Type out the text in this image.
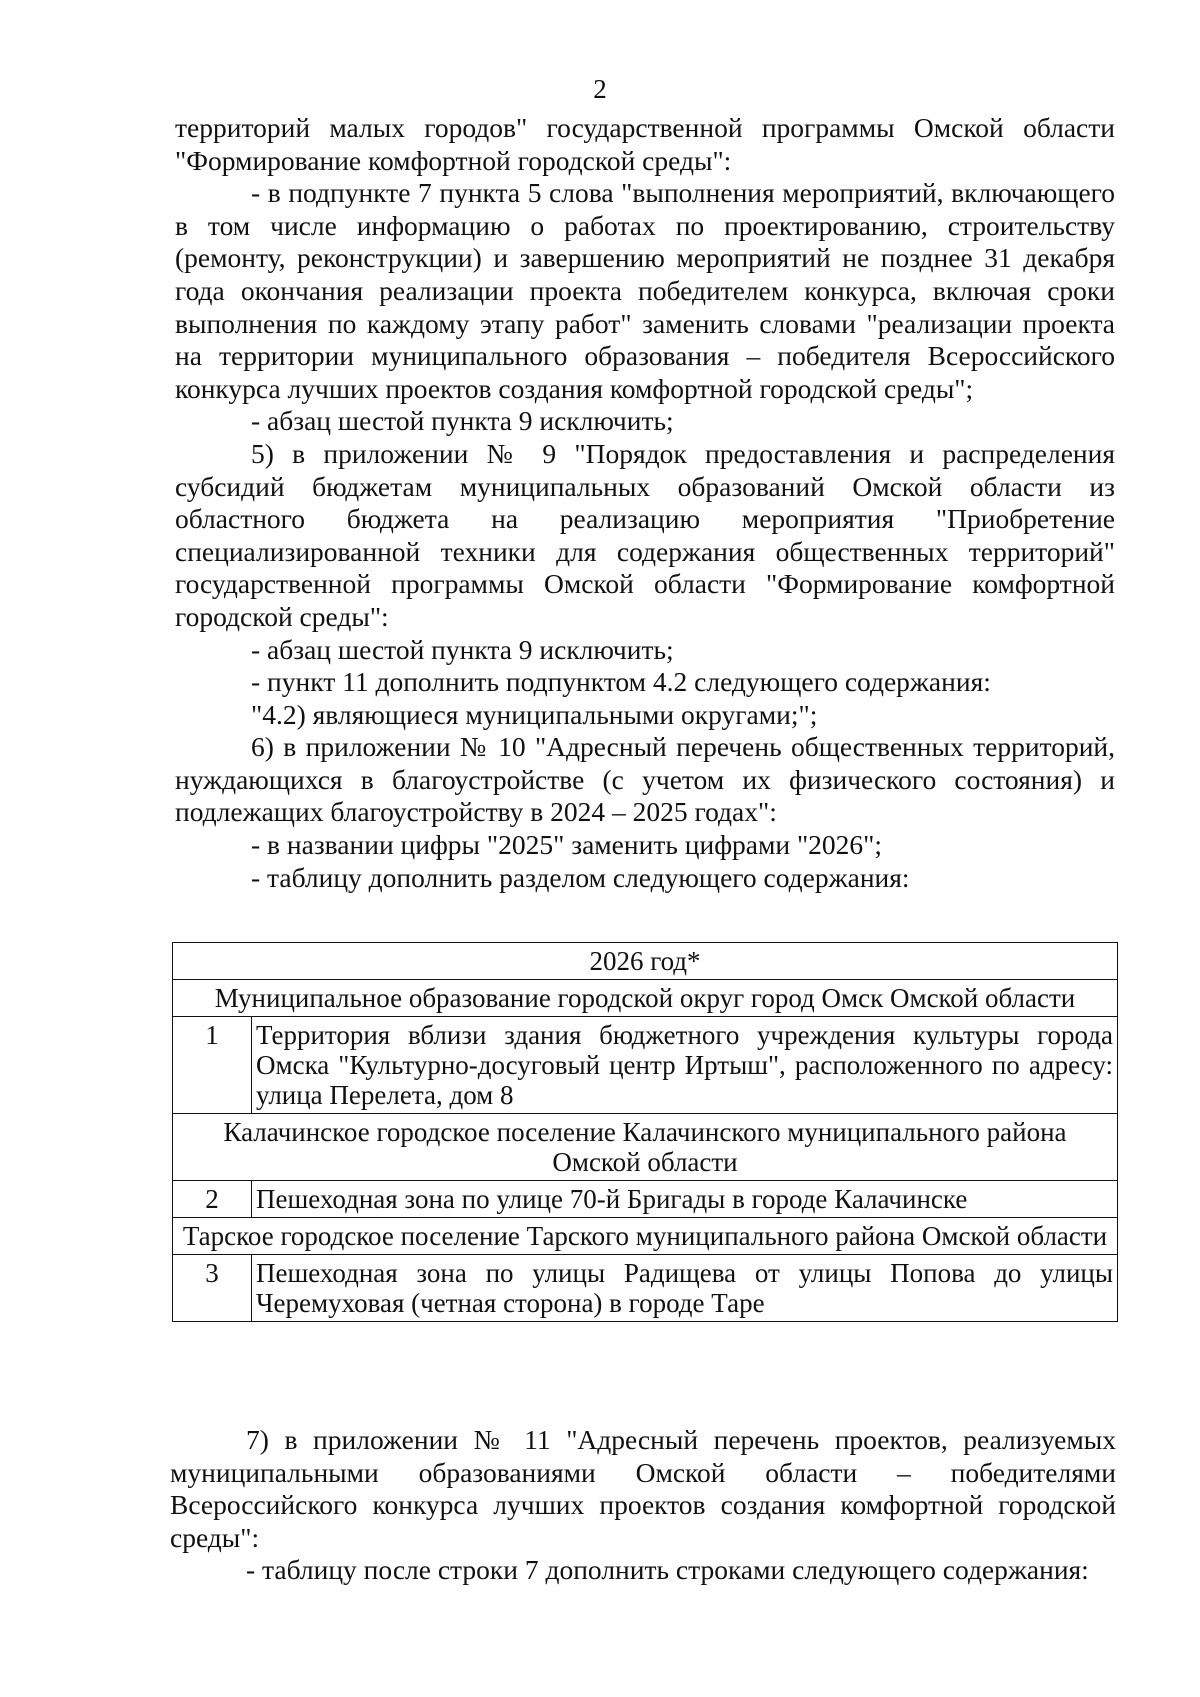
2

территорий малых городов" государственной программы Омской области "Формирование комфортной городской среды":

- в подпункте 7 пункта 5 слова "выполнения мероприятий, включающего в том числе информацию о работах по проектированию, строительству (ремонту, реконструкции) и завершению мероприятий не позднее 31 декабря года окончания реализации проекта победителем конкурса, включая сроки выполнения по каждому этапу работ" заменить словами "реализации проекта на территории муниципального образования – победителя Всероссийского конкурса лучших проектов создания комфортной городской среды";

- абзац шестой пункта 9 исключить;

5) в приложении № 9 "Порядок предоставления и распределения субсидий бюджетам муниципальных образований Омской области из областного бюджета на реализацию мероприятия "Приобретение специализированной техники для содержания общественных территорий" государственной программы Омской области "Формирование комфортной городской среды":

- абзац шестой пункта 9 исключить;

- пункт 11 дополнить подпунктом 4.2 следующего содержания:

"4.2) являющиеся муниципальными округами;";

6) в приложении № 10 "Адресный перечень общественных территорий, нуждающихся в благоустройстве (с учетом их физического состояния) и подлежащих благоустройству в 2024 – 2025 годах":

- в названии цифры "2025" заменить цифрами "2026";

- таблицу дополнить разделом следующего содержания:

2026 год*	
Муниципальное образование городской округ город Омск Омской области	
1	Территория вблизи здания бюджетного учреждения культуры города Омска "Культурно-досуговый центр Иртыш", расположенного по адресу: улица Перелета, дом 8
Калачинское городское поселение Калачинского муниципального района Омской области	
2	Пешеходная зона по улице 70-й Бригады в городе Калачинске
Тарское городское поселение Тарского муниципального района Омской области	
3	Пешеходная зона по улицы Радищева от улицы Попова до улицы Черемуховая (четная сторона) в городе Таре

7) в приложении № 11 "Адресный перечень проектов, реализуемых муниципальными образованиями Омской области – победителями Всероссийского конкурса лучших проектов создания комфортной городской среды":

- таблицу после строки 7 дополнить строками следующего содержания:
